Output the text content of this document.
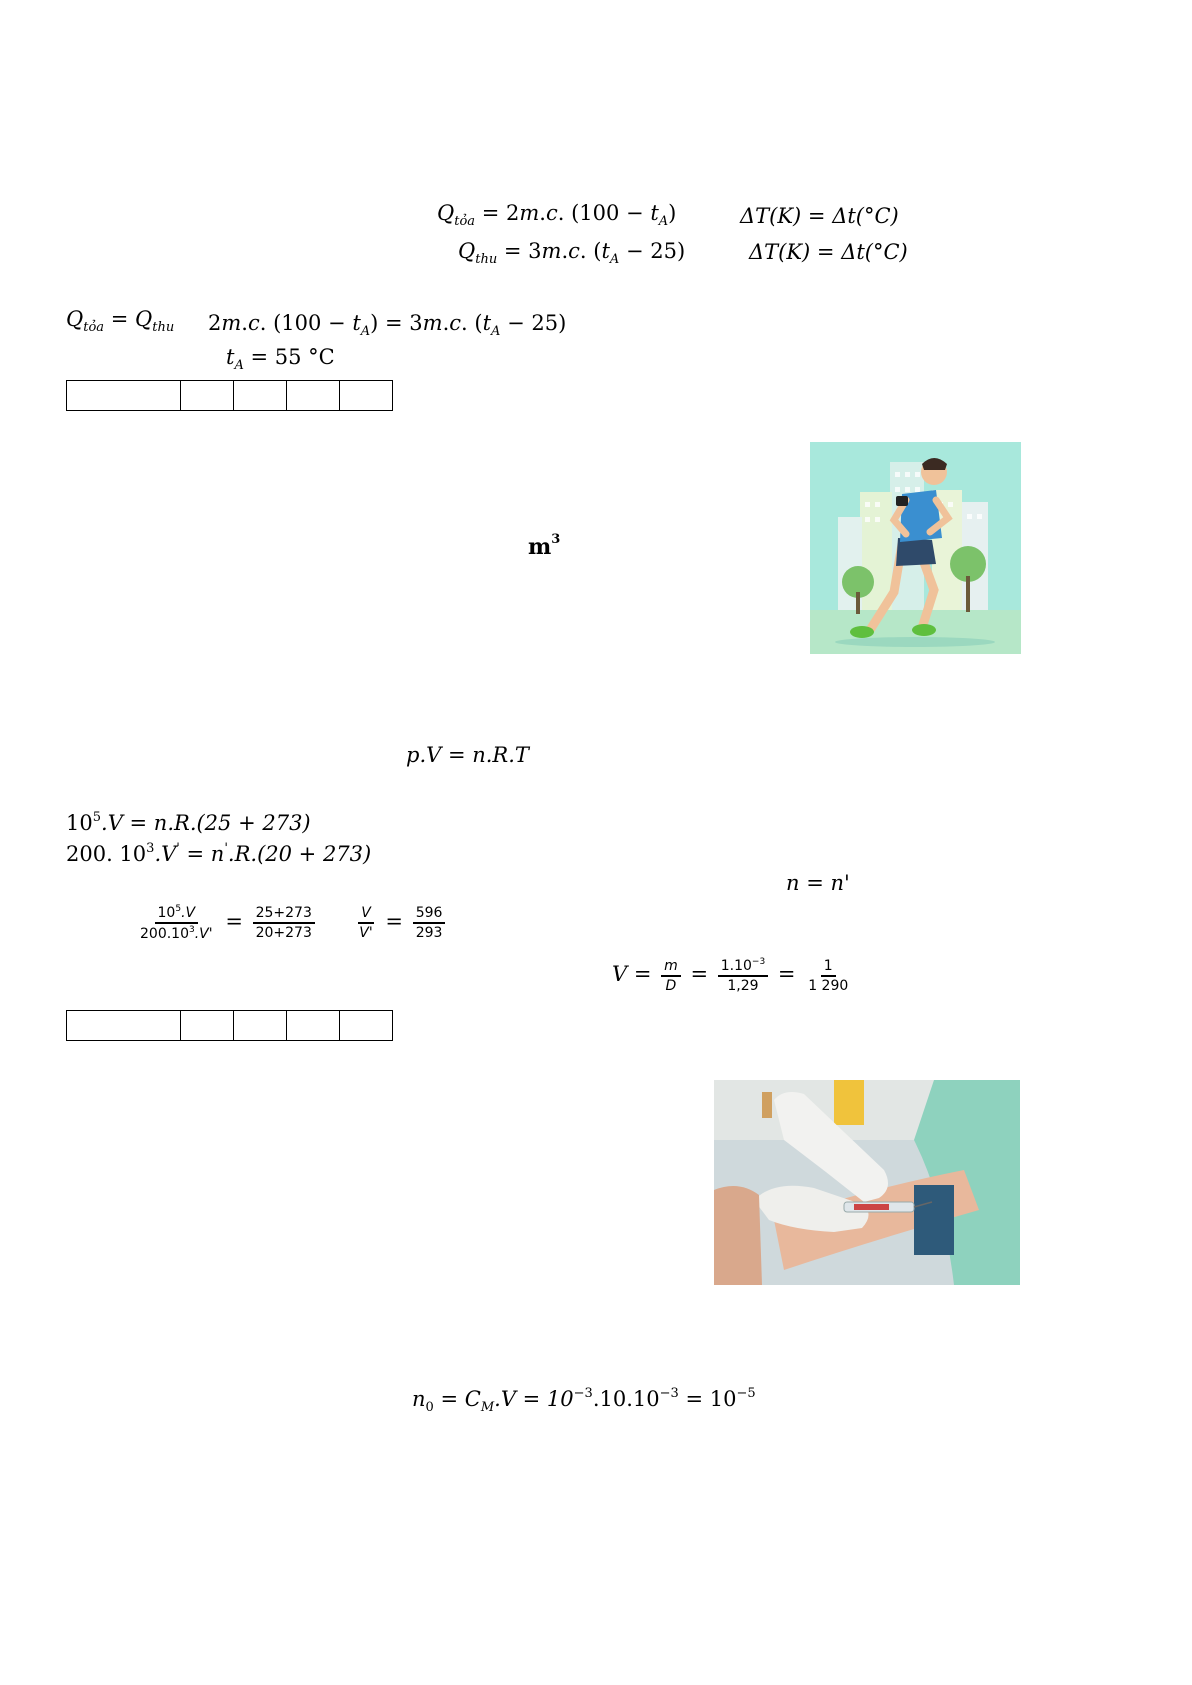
$Q_{tỏa} = 2m.c$. $(100 - t_A)$
$Q_{thu} = 3m.c$. $(t_A - 25)$
ΔT(K) = Δt(°C)
ΔT(K) = Δt(°C)
$Q_{tỏa} = Q_{thu}$ 2m.c. $(100 - t_A) = 3m.c$. $(t_A - 25)$
$t_A = 55$ °C

$m^3$
p.V = n.R.T
$10^5.V = n.R.(25 + 273)$
200. $10^3.V' = n'.R.(20 + 273)$
n = n'
$\frac{10^5.V}{200.10^3.V'} = \frac{25+273}{20+273}$
	$\frac{V}{V'} = \frac{596}{293}$
$V = \frac{m}{D} = \frac{1.10^{-3}}{1,29} = \frac{1}{1 290}$

$n_0 = C_M.V = 10^{-3}.10.10^{-3} = 10^{-5}$
